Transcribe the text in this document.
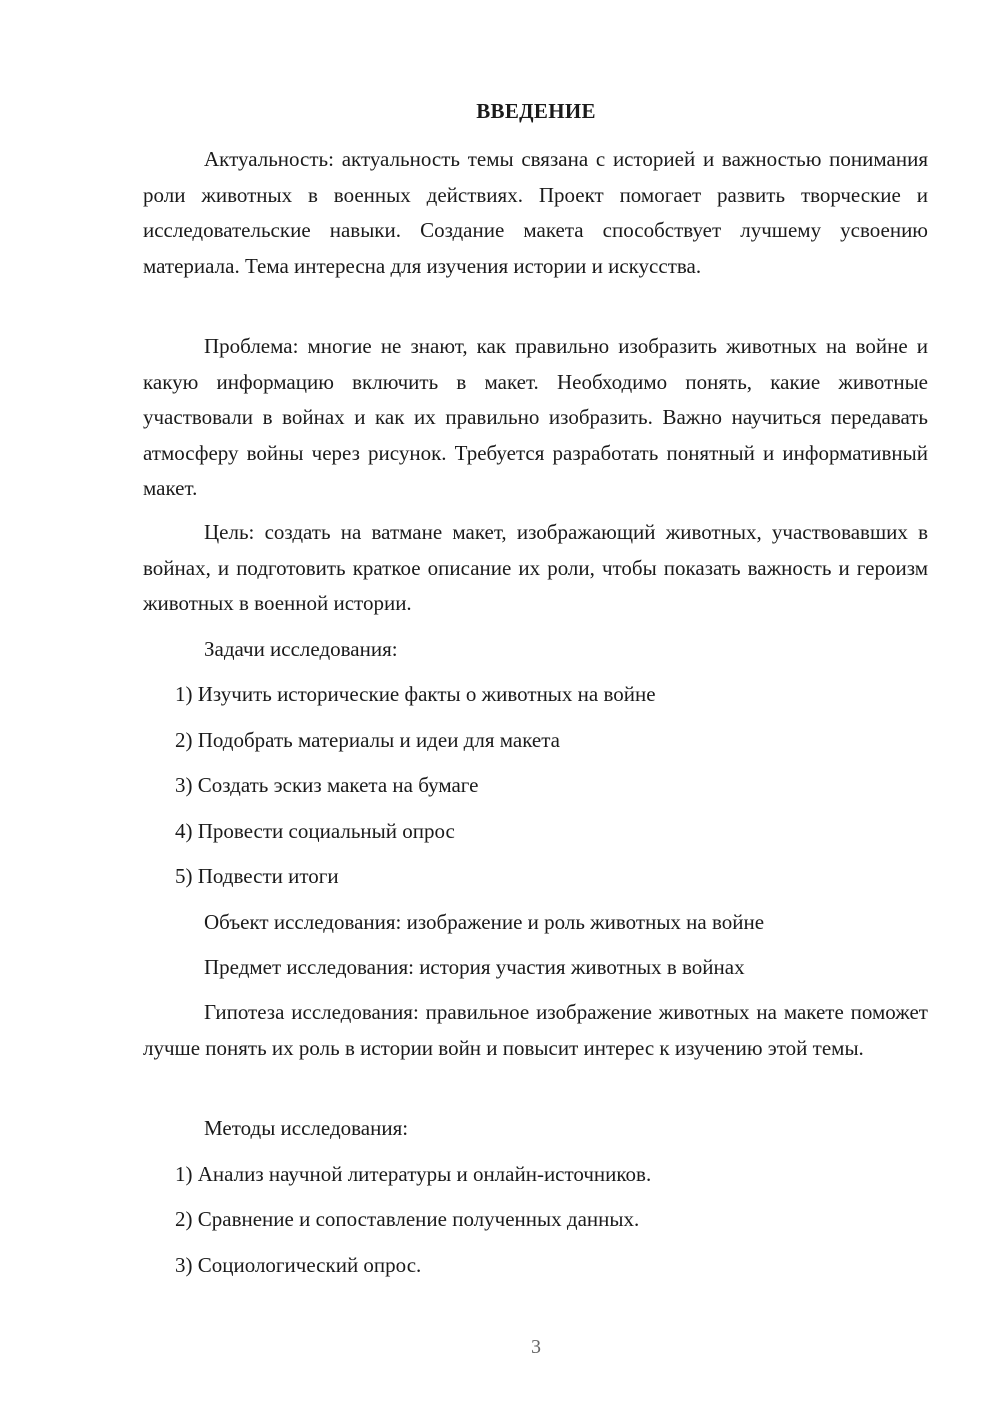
ВВЕДЕНИЕ

Актуальность: актуальность темы связана с историей и важностью понимания роли животных в военных действиях. Проект помогает развить творческие и исследовательские навыки. Создание макета способствует лучшему усвоению материала. Тема интересна для изучения истории и искусства.

Проблема: многие не знают, как правильно изобразить животных на войне и какую информацию включить в макет. Необходимо понять, какие животные участвовали в войнах и как их правильно изобразить. Важно научиться передавать атмосферу войны через рисунок. Требуется разработать понятный и информативный макет.

Цель: создать на ватмане макет, изображающий животных, участвовавших в войнах, и подготовить краткое описание их роли, чтобы показать важность и героизм животных в военной истории.

Задачи исследования:
1) Изучить исторические факты о животных на войне
2) Подобрать материалы и идеи для макета
3) Создать эскиз макета на бумаге
4) Провести социальный опрос
5) Подвести итоги
Объект исследования: изображение и роль животных на войне
Предмет исследования: история участия животных в войнах

Гипотеза исследования: правильное изображение животных на макете поможет лучше понять их роль в истории войн и повысит интерес к изучению этой темы.

Методы исследования:
1) Анализ научной литературы и онлайн-источников.
2) Сравнение и сопоставление полученных данных.
3) Социологический опрос.
3
